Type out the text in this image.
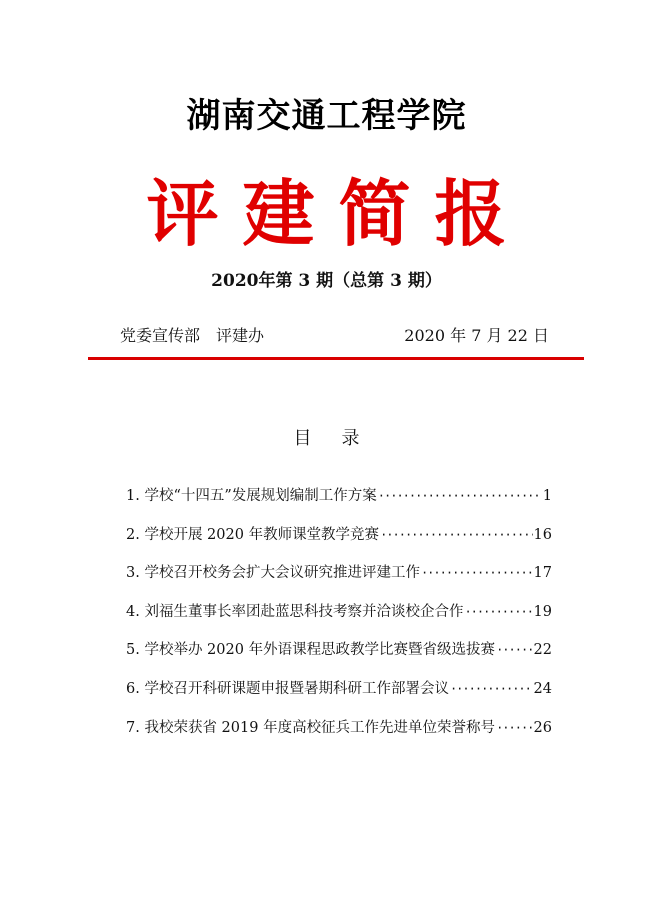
湖南交通工程学院
评建简报
2020年第 3 期（总第 3 期）
党委宣传部　评建办	2020 年 7 月 22 日
目录
1. 学校“十四五”发展规划编制工作方案 ·····	1
2. 学校开展 2020 年教师课堂教学竞赛 ·····	16
3. 学校召开校务会扩大会议研究推进评建工作 ·····	17
4. 刘福生董事长率团赴蓝思科技考察并洽谈校企合作 ·····	19
5. 学校举办 2020 年外语课程思政教学比赛暨省级选拔赛 ·····	22
6. 学校召开科研课题申报暨暑期科研工作部署会议 ·····	24
7. 我校荣获省 2019 年度高校征兵工作先进单位荣誉称号 ·····	26
